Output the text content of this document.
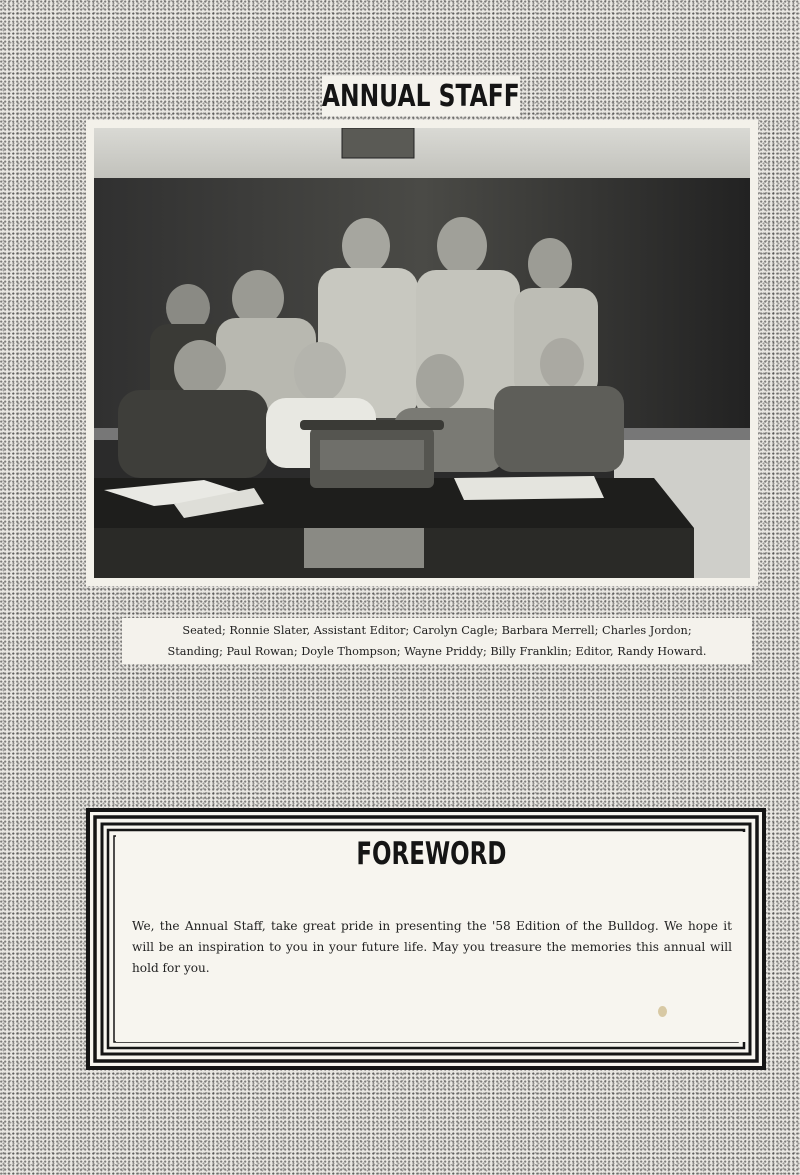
ANNUAL STAFF
Seated; Ronnie Slater, Assistant Editor; Carolyn Cagle; Barbara Merrell; Charles Jordon;
Standing; Paul Rowan; Doyle Thompson; Wayne Priddy; Billy Franklin; Editor, Randy Howard.
FOREWORD
We, the Annual Staff, take great pride in presenting the '58 Edition of the Bulldog. We hope it will be an inspiration to you in your future life. May you treasure the memories this annual will hold for you.
